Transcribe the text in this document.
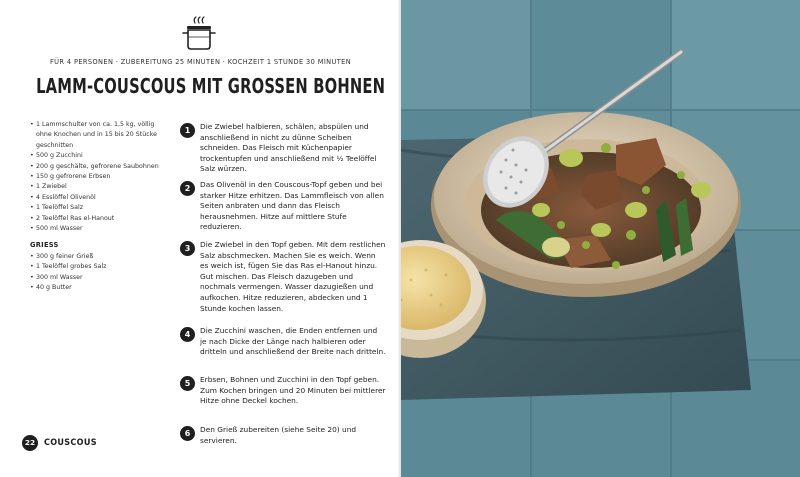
FÜR 4 PERSONEN · ZUBEREITUNG 25 MINUTEN · KOCHZEIT 1 STUNDE 30 MINUTEN
LAMM-COUSCOUS MIT GROSSEN BOHNEN
• 1 Lammschulter von ca. 1,5 kg, völlig ohne Knochen und in 15 bis 20 Stücke geschnitten
• 500 g Zucchini
• 200 g geschälte, gefrorene Saubohnen
• 150 g gefrorene Erbsen
• 1 Zwiebel
• 4 Esslöffel Olivenöl
• 1 Teelöffel Salz
• 2 Teelöffel Ras el-Hanout
• 500 ml Wasser
GRIESS
• 300 g feiner Grieß
• 1 Teelöffel grobes Salz
• 300 ml Wasser
• 40 g Butter
1	Die Zwiebel halbieren, schälen, abspülen und anschließend in nicht zu dünne Scheiben schneiden. Das Fleisch mit Küchenpapier trockentupfen und anschließend mit ½ Teelöffel Salz würzen.
2	Das Olivenöl in den Couscous-Topf geben und bei starker Hitze erhitzen. Das Lammfleisch von allen Seiten anbraten und dann das Fleisch herausnehmen. Hitze auf mittlere Stufe reduzieren.
3	Die Zwiebel in den Topf geben. Mit dem restlichen Salz abschmecken. Machen Sie es weich. Wenn es weich ist, fügen Sie das Ras el-Hanout hinzu. Gut mischen. Das Fleisch dazugeben und nochmals vermengen. Wasser dazugießen und aufkochen. Hitze reduzieren, abdecken und 1 Stunde kochen lassen.
4	Die Zucchini waschen, die Enden entfernen und je nach Dicke der Länge nach halbieren oder dritteln und anschließend der Breite nach dritteln.
5	Erbsen, Bohnen und Zucchini in den Topf geben. Zum Kochen bringen und 20 Minuten bei mittlerer Hitze ohne Deckel kochen.
6	Den Grieß zubereiten (siehe Seite 20) und servieren.
22 COUSCOUS
